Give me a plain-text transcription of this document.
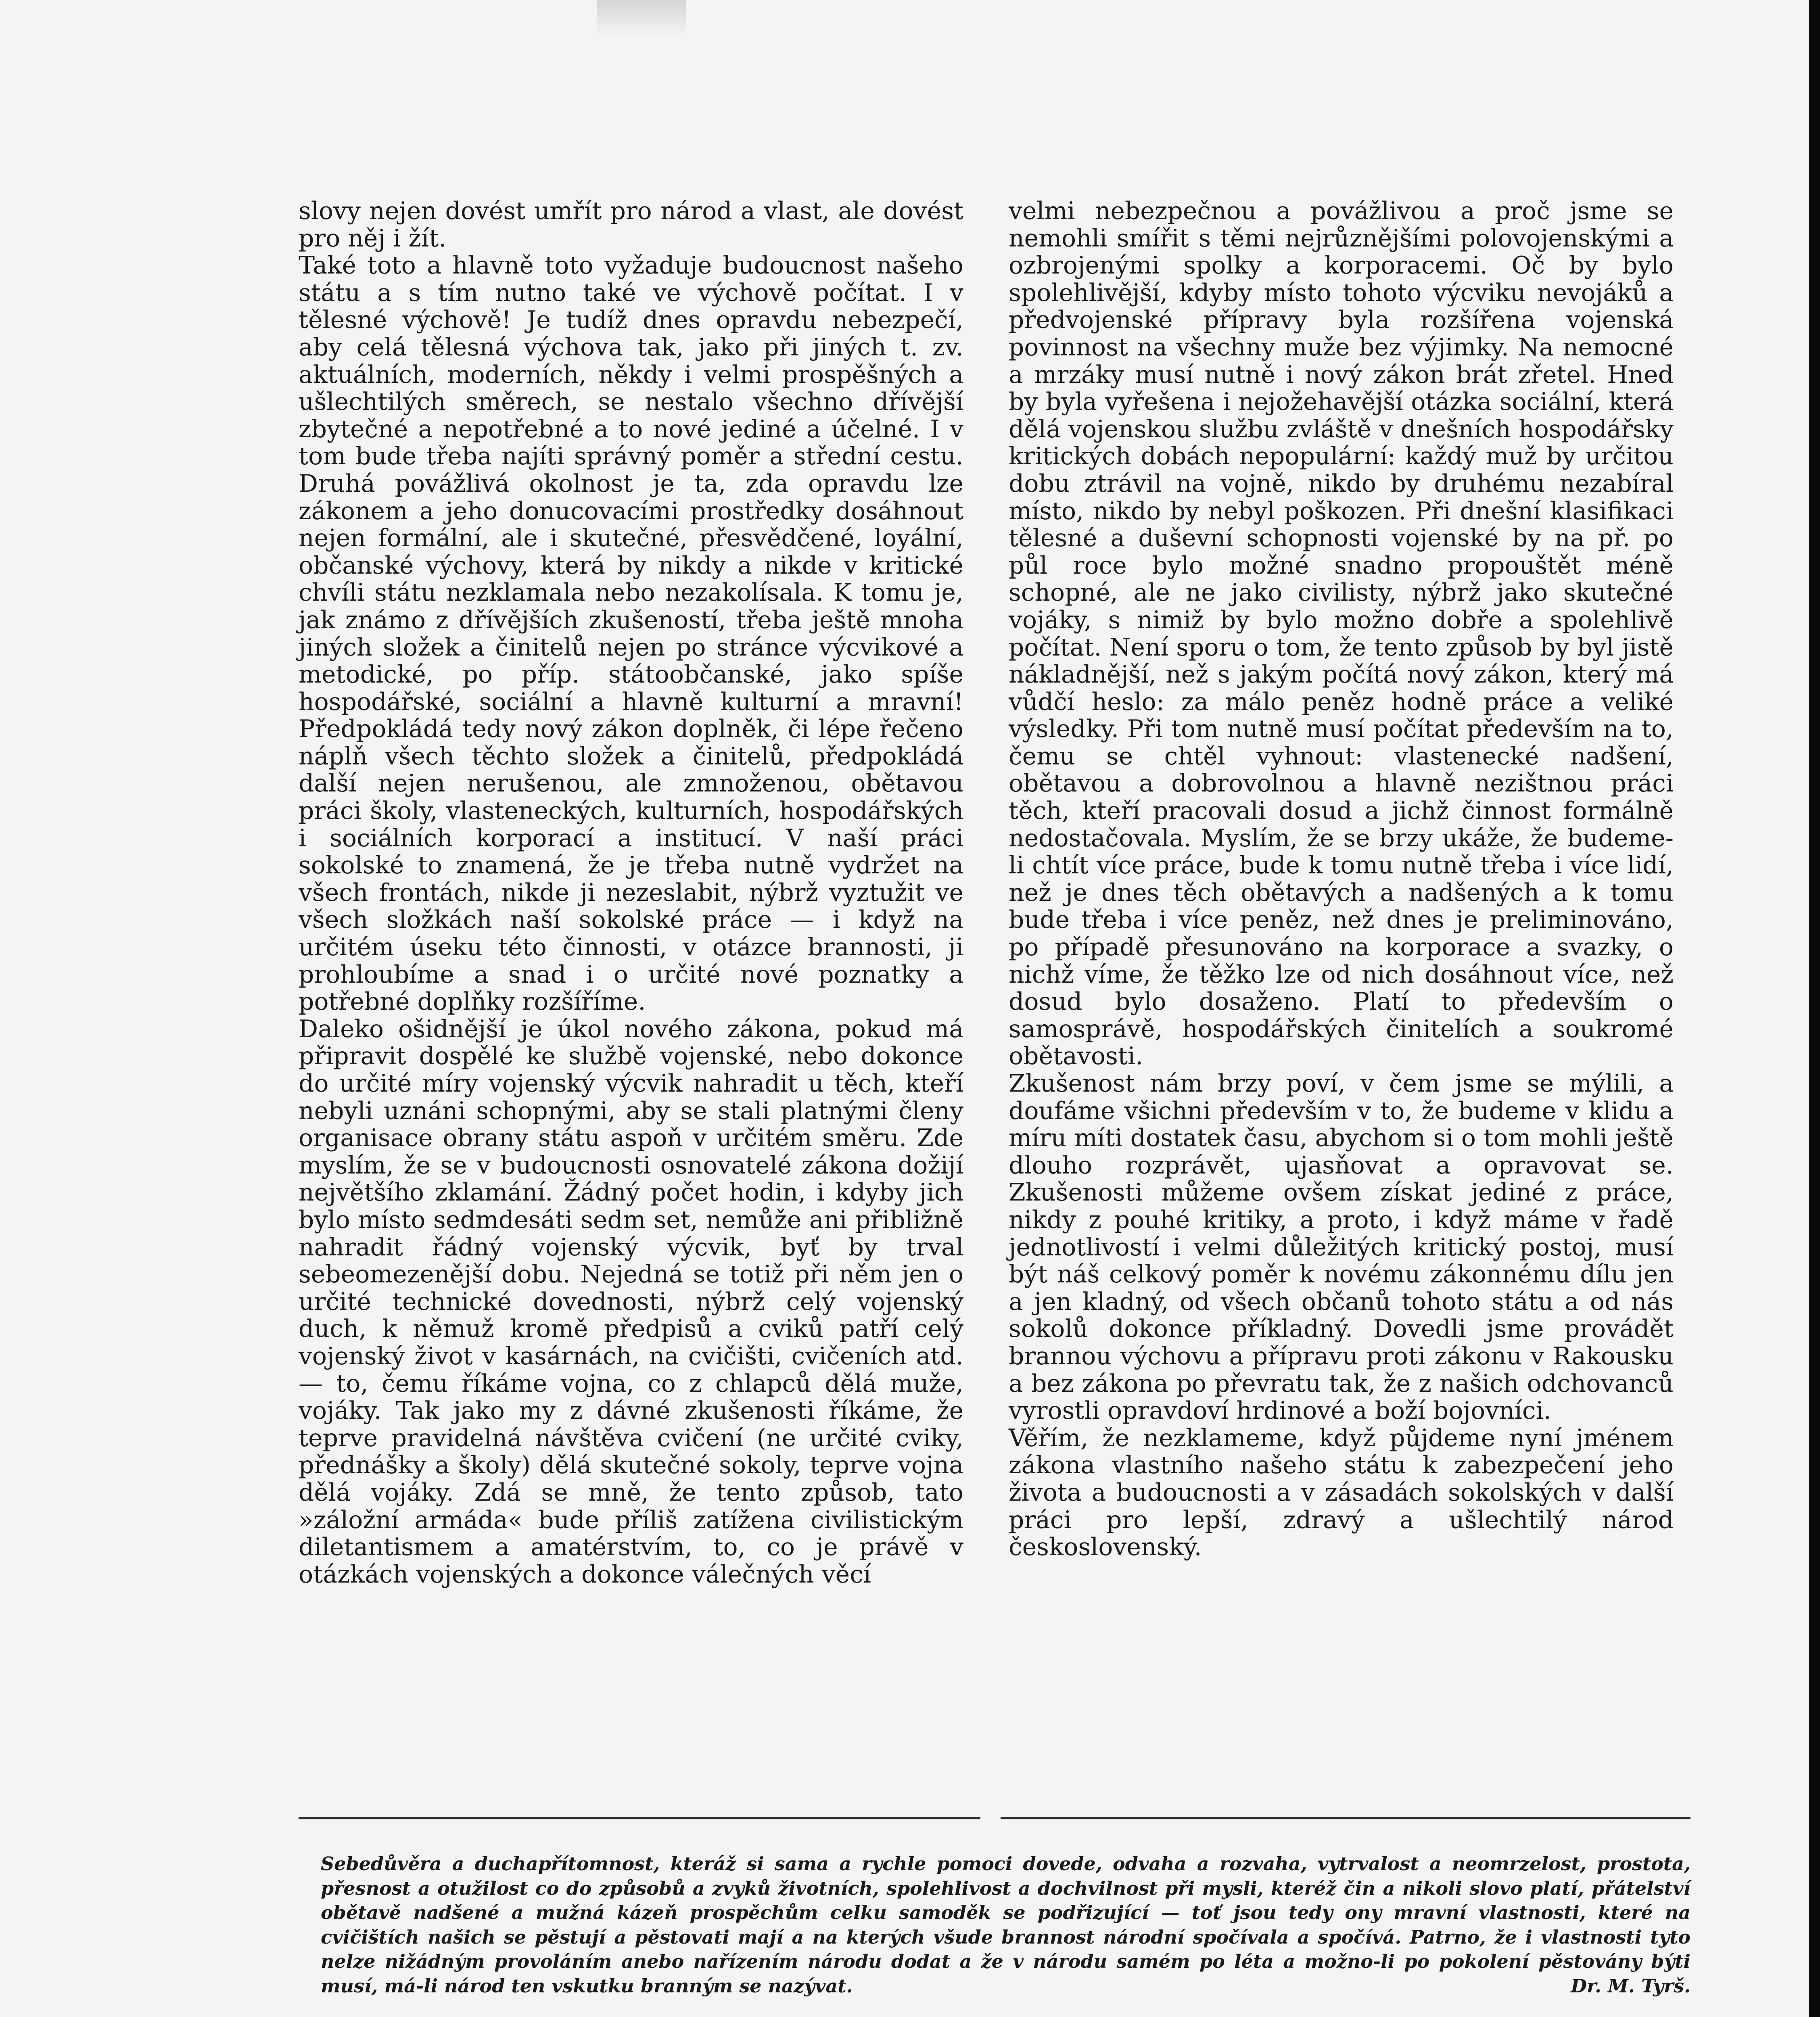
slovy nejen dovést umřít pro národ a vlast, ale dovést pro něj i žít.

Také toto a hlavně toto vyžaduje budoucnost našeho státu a s tím nutno také ve výchově počítat. I v tělesné výchově! Je tudíž dnes opravdu nebezpečí, aby celá tělesná výchova tak, jako při jiných t. zv. aktuálních, moderních, někdy i velmi prospěšných a ušlechtilých směrech, se nestalo všechno dřívější zbytečné a nepotřebné a to nové jediné a účelné. I v tom bude třeba najíti správný poměr a střední cestu. Druhá povážlivá okolnost je ta, zda opravdu lze zákonem a jeho donucovacími prostředky dosáhnout nejen formální, ale i skutečné, přesvědčené, loyální, občanské výchovy, která by nikdy a nikde v kritické chvíli státu nezklamala nebo nezakolísala. K tomu je, jak známo z dřívějších zkušeností, třeba ještě mnoha jiných složek a činitelů nejen po stránce výcvikové a metodické, po příp. státoobčanské, jako spíše hospodářské, sociální a hlavně kulturní a mravní! Předpokládá tedy nový zákon doplněk, či lépe řečeno náplň všech těchto složek a činitelů, předpokládá další nejen nerušenou, ale zmnoženou, obětavou práci školy, vlasteneckých, kulturních, hospodářských i sociálních korporací a institucí. V naší práci sokolské to znamená, že je třeba nutně vydržet na všech frontách, nikde ji nezeslabit, nýbrž vyztužit ve všech složkách naší sokolské práce — i když na určitém úseku této činnosti, v otázce brannosti, ji prohloubíme a snad i o určité nové poznatky a potřebné doplňky rozšíříme.

Daleko ošidnější je úkol nového zákona, pokud má připravit dospělé ke službě vojenské, nebo dokonce do určité míry vojenský výcvik nahradit u těch, kteří nebyli uznáni schopnými, aby se stali platnými členy organisace obrany státu aspoň v určitém směru. Zde myslím, že se v budoucnosti osnovatelé zákona dožijí největšího zklamání. Žádný počet hodin, i kdyby jich bylo místo sedmdesáti sedm set, nemůže ani přibližně nahradit řádný vojenský výcvik, byť by trval sebeomezenější dobu. Nejedná se totiž při něm jen o určité technické dovednosti, nýbrž celý vojenský duch, k němuž kromě předpisů a cviků patří celý vojenský život v kasárnách, na cvičišti, cvičeních atd. — to, čemu říkáme vojna, co z chlapců dělá muže, vojáky. Tak jako my z dávné zkušenosti říkáme, že teprve pravidelná návštěva cvičení (ne určité cviky, přednášky a školy) dělá skutečné sokoly, teprve vojna dělá vojáky. Zdá se mně, že tento způsob, tato »záložní armáda« bude příliš zatížena civilistickým diletantismem a amatérstvím, to, co je právě v otázkách vojenských a dokonce válečných věcí

velmi nebezpečnou a povážlivou a proč jsme se nemohli smířit s těmi nejrůznějšími polovojenskými a ozbrojenými spolky a korporacemi. Oč by bylo spolehlivější, kdyby místo tohoto výcviku nevojáků a předvojenské přípravy byla rozšířena vojenská povinnost na všechny muže bez výjimky. Na nemocné a mrzáky musí nutně i nový zákon brát zřetel. Hned by byla vyřešena i nejožehavější otázka sociální, která dělá vojenskou službu zvláště v dnešních hospodářsky kritických dobách nepopulární: každý muž by určitou dobu ztrávil na vojně, nikdo by druhému nezabíral místo, nikdo by nebyl poškozen. Při dnešní klasifikaci tělesné a duševní schopnosti vojenské by na př. po půl roce bylo možné snadno propouštět méně schopné, ale ne jako civilisty, nýbrž jako skutečné vojáky, s nimiž by bylo možno dobře a spolehlivě počítat. Není sporu o tom, že tento způsob by byl jistě nákladnější, než s jakým počítá nový zákon, který má vůdčí heslo: za málo peněz hodně práce a veliké výsledky. Při tom nutně musí počítat především na to, čemu se chtěl vyhnout: vlastenecké nadšení, obětavou a dobrovolnou a hlavně nezištnou práci těch, kteří pracovali dosud a jichž činnost formálně nedostačovala. Myslím, že se brzy ukáže, že budeme-li chtít více práce, bude k tomu nutně třeba i více lidí, než je dnes těch obětavých a nadšených a k tomu bude třeba i více peněz, než dnes je preliminováno, po případě přesunováno na korporace a svazky, o nichž víme, že těžko lze od nich dosáhnout více, než dosud bylo dosaženo. Platí to především o samosprávě, hospodářských činitelích a soukromé obětavosti.

Zkušenost nám brzy poví, v čem jsme se mýlili, a doufáme všichni především v to, že budeme v klidu a míru míti dostatek času, abychom si o tom mohli ještě dlouho rozprávět, ujasňovat a opravovat se. Zkušenosti můžeme ovšem získat jediné z práce, nikdy z pouhé kritiky, a proto, i když máme v řadě jednotlivostí i velmi důležitých kritický postoj, musí být náš celkový poměr k novému zákonnému dílu jen a jen kladný, od všech občanů tohoto státu a od nás sokolů dokonce příkladný. Dovedli jsme provádět brannou výchovu a přípravu proti zákonu v Rakousku a bez zákona po převratu tak, že z našich odchovanců vyrostli opravdoví hrdinové a boží bojovníci.

Věřím, že nezklameme, když půjdeme nyní jménem zákona vlastního našeho státu k zabezpečení jeho života a budoucnosti a v zásadách sokolských v další práci pro lepší, zdravý a ušlechtilý národ československý.

Sebedůvěra a duchapřítomnost, kteráž si sama a rychle pomoci dovede, odvaha a rozvaha, vytrvalost a neomrzelost, prostota, přesnost a otužilost co do způsobů a zvyků životních, spolehlivost a dochvilnost při mysli, kteréž čin a nikoli slovo platí, přátelství obětavě nadšené a mužná kázeň prospěchům celku samoděk se podřizující — toť jsou tedy ony mravní vlastnosti, které na cvičištích našich se pěstují a pěstovati mají a na kterých všude brannost národní spočívala a spočívá. Patrno, že i vlastnosti tyto nelze nižádným provoláním anebo nařízením národu dodat a že v národu samém po léta a možno-li po pokolení pěstovány býti musí, má-li národ ten vskutku branným se nazývat.	Dr. M. Tyrš.
